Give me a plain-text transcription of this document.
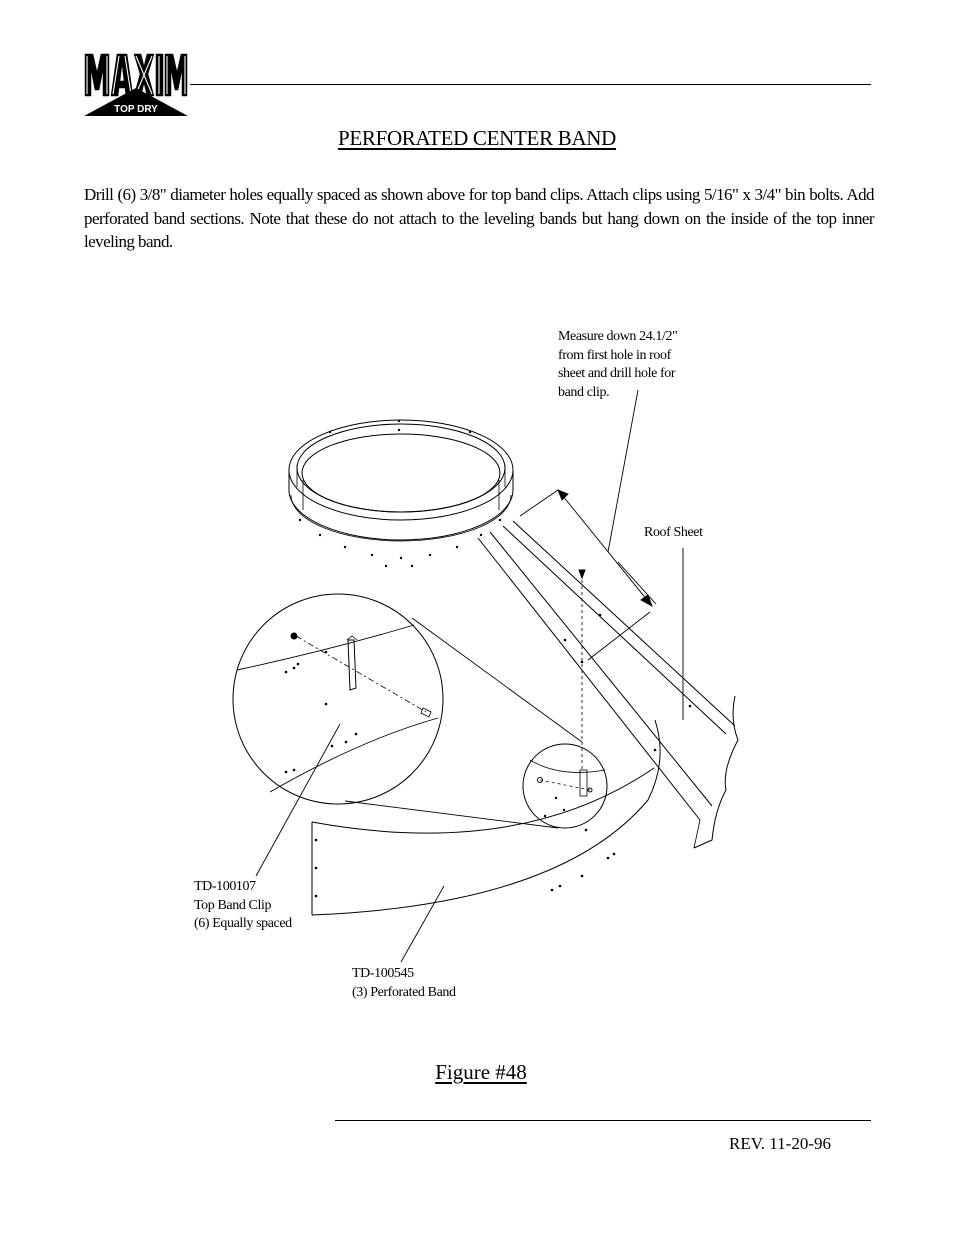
TOP DRY
PERFORATED CENTER BAND
Drill (6) 3/8" diameter holes equally spaced as shown above for top band clips. Attach clips using 5/16" x 3/4" bin bolts. Add perforated band sections. Note that these do not attach to the leveling bands but hang down on the inside of the top inner leveling band.
Measure down 24.1/2"
from first hole in roof
sheet and drill hole for
band clip.
Roof Sheet
TD-100107
Top Band Clip
(6) Equally spaced
TD-100545
(3) Perforated Band
Figure #48
REV. 11-20-96
